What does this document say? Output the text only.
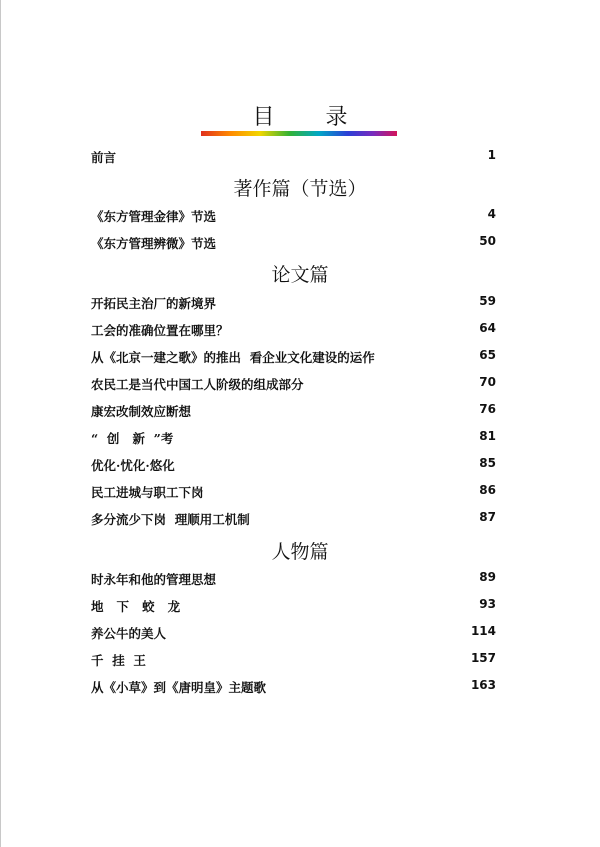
目 录
前言	1
著作篇（节选）
《东方管理金律》节选	4
《东方管理辨微》节选	50
论文篇
开拓民主治厂的新境界	59
工会的准确位置在哪里？	64
从《北京一建之歌》的推出  看企业文化建设的运作	65
农民工是当代中国工人阶级的组成部分	70
康宏改制效应断想	76
“  创   新  ”考	81
优化·忧化·悠化	85
民工进城与职工下岗	86
多分流少下岗  理顺用工机制	87
人物篇
时永年和他的管理思想	89
地   下   蛟   龙	93
养公牛的美人	114
千  挂  王	157
从《小草》到《唐明皇》主题歌	163
